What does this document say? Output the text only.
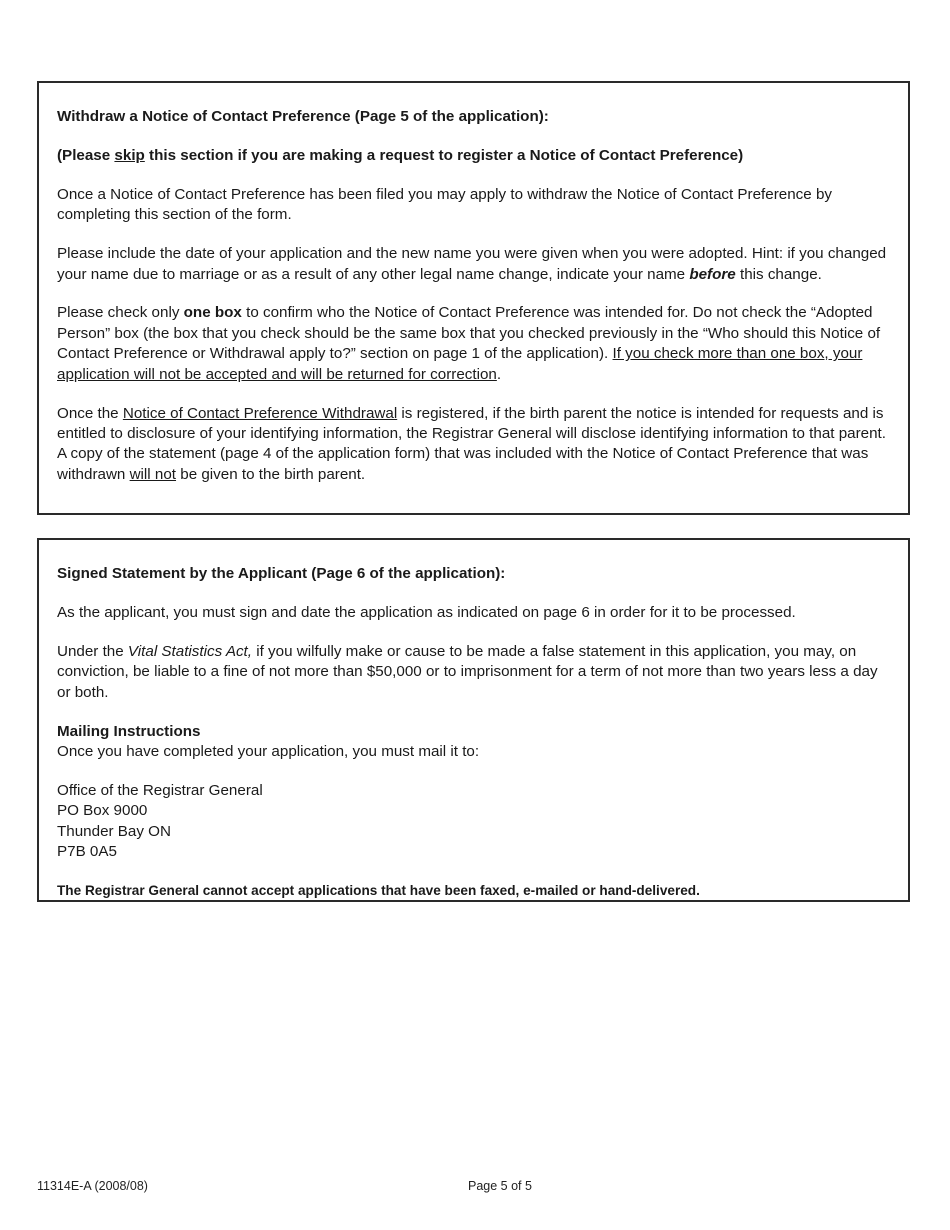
Withdraw a Notice of Contact Preference (Page 5 of the application):

(Please skip this section if you are making a request to register a Notice of Contact Preference)

Once a Notice of Contact Preference has been filed you may apply to withdraw the Notice of Contact Preference by completing this section of the form.

Please include the date of your application and the new name you were given when you were adopted. Hint: if you changed your name due to marriage or as a result of any other legal name change, indicate your name before this change.

Please check only one box to confirm who the Notice of Contact Preference was intended for. Do not check the “Adopted Person” box (the box that you check should be the same box that you checked previously in the “Who should this Notice of Contact Preference or Withdrawal apply to?” section on page 1 of the application). If you check more than one box, your application will not be accepted and will be returned for correction.

Once the Notice of Contact Preference Withdrawal is registered, if the birth parent the notice is intended for requests and is entitled to disclosure of your identifying information, the Registrar General will disclose identifying information to that parent. A copy of the statement (page 4 of the application form) that was included with the Notice of Contact Preference that was withdrawn will not be given to the birth parent.

Signed Statement by the Applicant (Page 6 of the application):

As the applicant, you must sign and date the application as indicated on page 6 in order for it to be processed.

Under the Vital Statistics Act, if you wilfully make or cause to be made a false statement in this application, you may, on conviction, be liable to a fine of not more than $50,000 or to imprisonment for a term of not more than two years less a day or both.

Mailing Instructions

Once you have completed your application, you must mail it to:

Office of the Registrar General

PO Box 9000

Thunder Bay ON

P7B 0A5

The Registrar General cannot accept applications that have been faxed, e-mailed or hand-delivered.

11314E-A (2008/08)	Page 5 of 5
